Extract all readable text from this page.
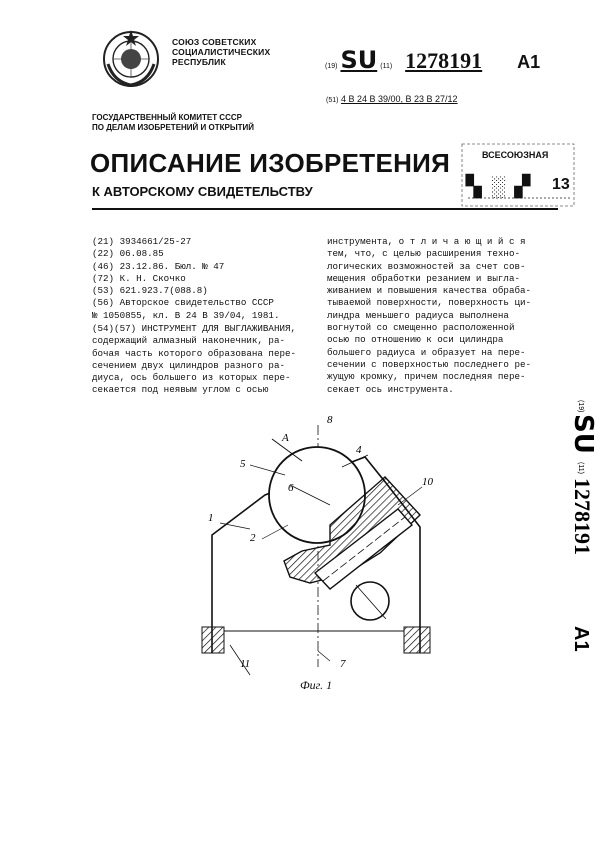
СОЮЗ СОВЕТСКИХ
СОЦИАЛИСТИЧЕСКИХ
РЕСПУБЛИК	(19) SU (11) 1278191 A1
(51) 4 В 24 В 39/00, В 23 В 27/12
ГОСУДАРСТВЕННЫЙ КОМИТЕТ СССР
ПО ДЕЛАМ ИЗОБРЕТЕНИЙ И ОТКРЫТИЙ
ОПИСАНИЕ ИЗОБРЕТЕНИЯ
К АВТОРСКОМУ СВИДЕТЕЛЬСТВУ
ВСЕСОЮЗНАЯ
▚ ░ ▞ 13
(21) 3934661/25-27
(22) 06.08.85
(46) 23.12.86. Бюл. № 47
(72) К. Н. Скочко
(53) 621.923.7(088.8)
(56) Авторское свидетельство СССР
№ 1050855, кл. В 24 В 39/04, 1981.
(54)(57) ИНСТРУМЕНТ ДЛЯ ВЫГЛАЖИВАНИЯ,
содержащий алмазный наконечник, ра-
бочая часть которого образована пере-
сечением двух цилиндров разного ра-
диуса, ось большего из которых пере-
секается под неявым углом с осью
инструмента, о т л и ч а ю щ и й с я
тем, что, с целью расширения техно-
логических возможностей за счет сов-
мещения обработки резанием и выгла-
живанием и повышения качества обраба-
тываемой поверхности, поверхность ци-
линдра меньшего радиуса выполнена
вогнутой со смещенно расположенной
осью по отношению к оси цилиндра
большего радиуса и образует на пере-
сечении с поверхностью последнего ре-
жущую кромку, причем последняя пере-
секает ось инструмента.
(19)
SU
(11)
1278191
A1
A
8
4
5
6	10
1
2
11	7
Фиг. 1
